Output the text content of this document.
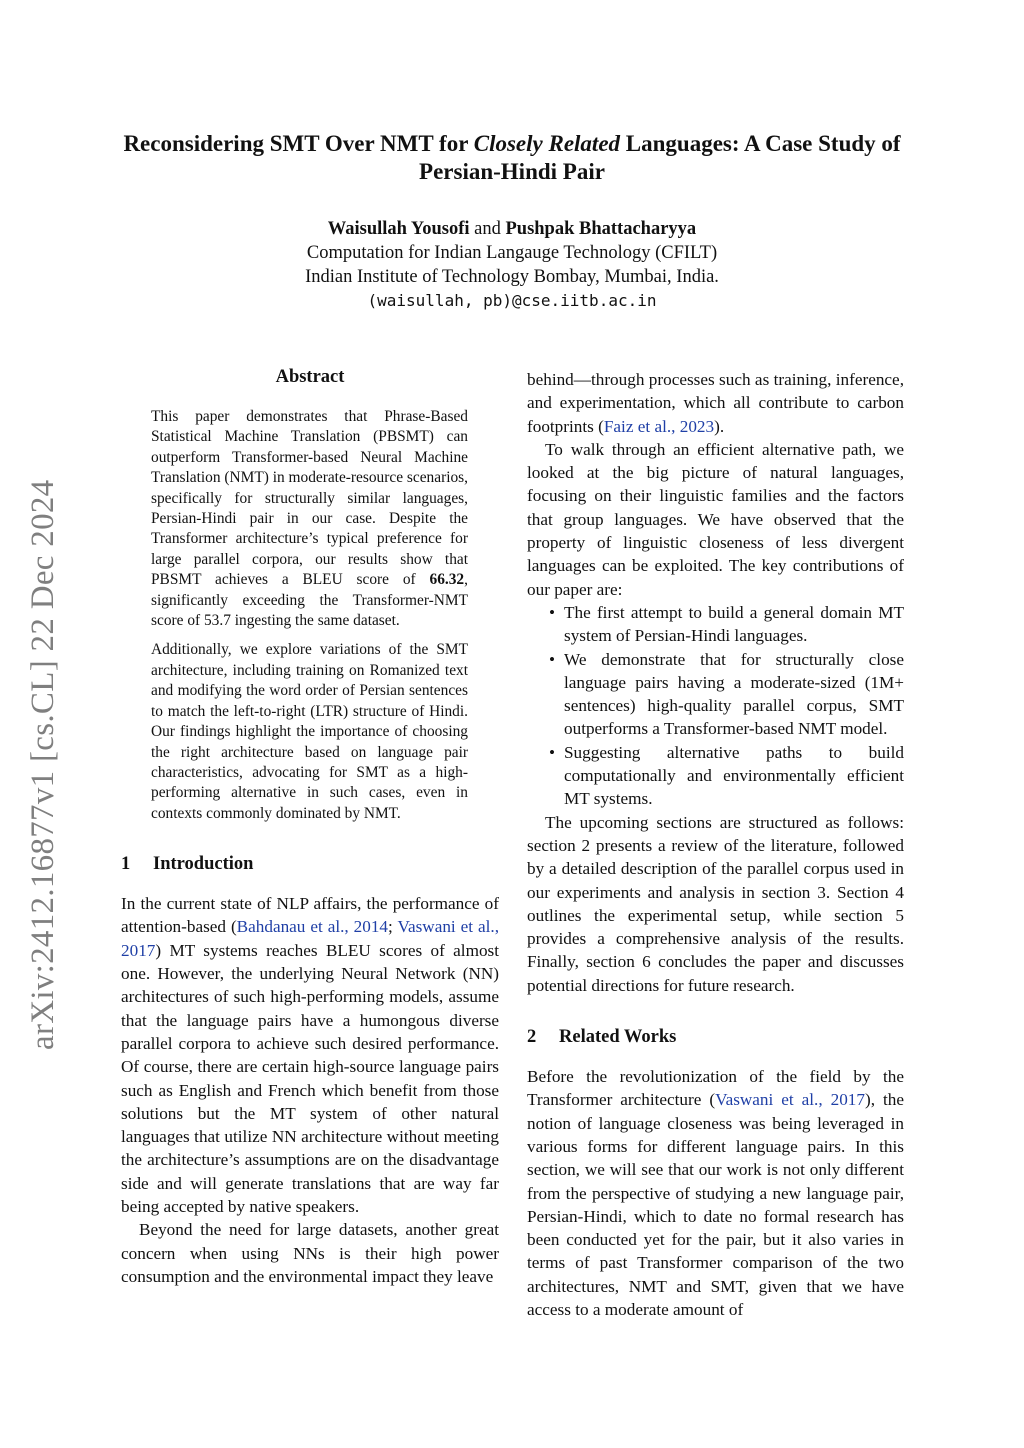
arXiv:2412.16877v1 [cs.CL] 22 Dec 2024
Reconsidering SMT Over NMT for Closely Related Languages: A Case Study of Persian-Hindi Pair
Waisullah Yousofi and Pushpak Bhattacharyya
Computation for Indian Langauge Technology (CFILT)
Indian Institute of Technology Bombay, Mumbai, India.
(waisullah, pb)@cse.iitb.ac.in
Abstract

This paper demonstrates that Phrase-Based Statistical Machine Translation (PBSMT) can outperform Transformer-based Neural Machine Translation (NMT) in moderate-resource scenarios, specifically for structurally similar languages, Persian-Hindi pair in our case. Despite the Transformer architecture’s typical preference for large parallel corpora, our results show that PBSMT achieves a BLEU score of 66.32, significantly exceeding the Transformer-NMT score of 53.7 ingesting the same dataset.

Additionally, we explore variations of the SMT architecture, including training on Romanized text and modifying the word order of Persian sentences to match the left-to-right (LTR) structure of Hindi. Our findings highlight the importance of choosing the right architecture based on language pair characteristics, advocating for SMT as a high-performing alternative in such cases, even in contexts commonly dominated by NMT.

1 Introduction

In the current state of NLP affairs, the performance of attention-based (Bahdanau et al., 2014; Vaswani et al., 2017) MT systems reaches BLEU scores of almost one. However, the underlying Neural Network (NN) architectures of such high-performing models, assume that the language pairs have a humongous diverse parallel corpora to achieve such desired performance. Of course, there are certain high-source language pairs such as English and French which benefit from those solutions but the MT system of other natural languages that utilize NN architecture without meeting the architecture’s assumptions are on the disadvantage side and will generate translations that are way far being accepted by native speakers.

Beyond the need for large datasets, another great concern when using NNs is their high power consumption and the environmental impact they leave

behind—through processes such as training, inference, and experimentation, which all contribute to carbon footprints (Faiz et al., 2023).

To walk through an efficient alternative path, we looked at the big picture of natural languages, focusing on their linguistic families and the factors that group languages. We have observed that the property of linguistic closeness of less divergent languages can be exploited. The key contributions of our paper are:

• The first attempt to build a general domain MT system of Persian-Hindi languages.
• We demonstrate that for structurally close language pairs having a moderate-sized (1M+ sentences) high-quality parallel corpus, SMT outperforms a Transformer-based NMT model.
• Suggesting alternative paths to build computationally and environmentally efficient MT systems.

The upcoming sections are structured as follows: section 2 presents a review of the literature, followed by a detailed description of the parallel corpus used in our experiments and analysis in section 3. Section 4 outlines the experimental setup, while section 5 provides a comprehensive analysis of the results. Finally, section 6 concludes the paper and discusses potential directions for future research.

2 Related Works

Before the revolutionization of the field by the Transformer architecture (Vaswani et al., 2017), the notion of language closeness was being leveraged in various forms for different language pairs. In this section, we will see that our work is not only different from the perspective of studying a new language pair, Persian-Hindi, which to date no formal research has been conducted yet for the pair, but it also varies in terms of past Transformer comparison of the two architectures, NMT and SMT, given that we have access to a moderate amount of
